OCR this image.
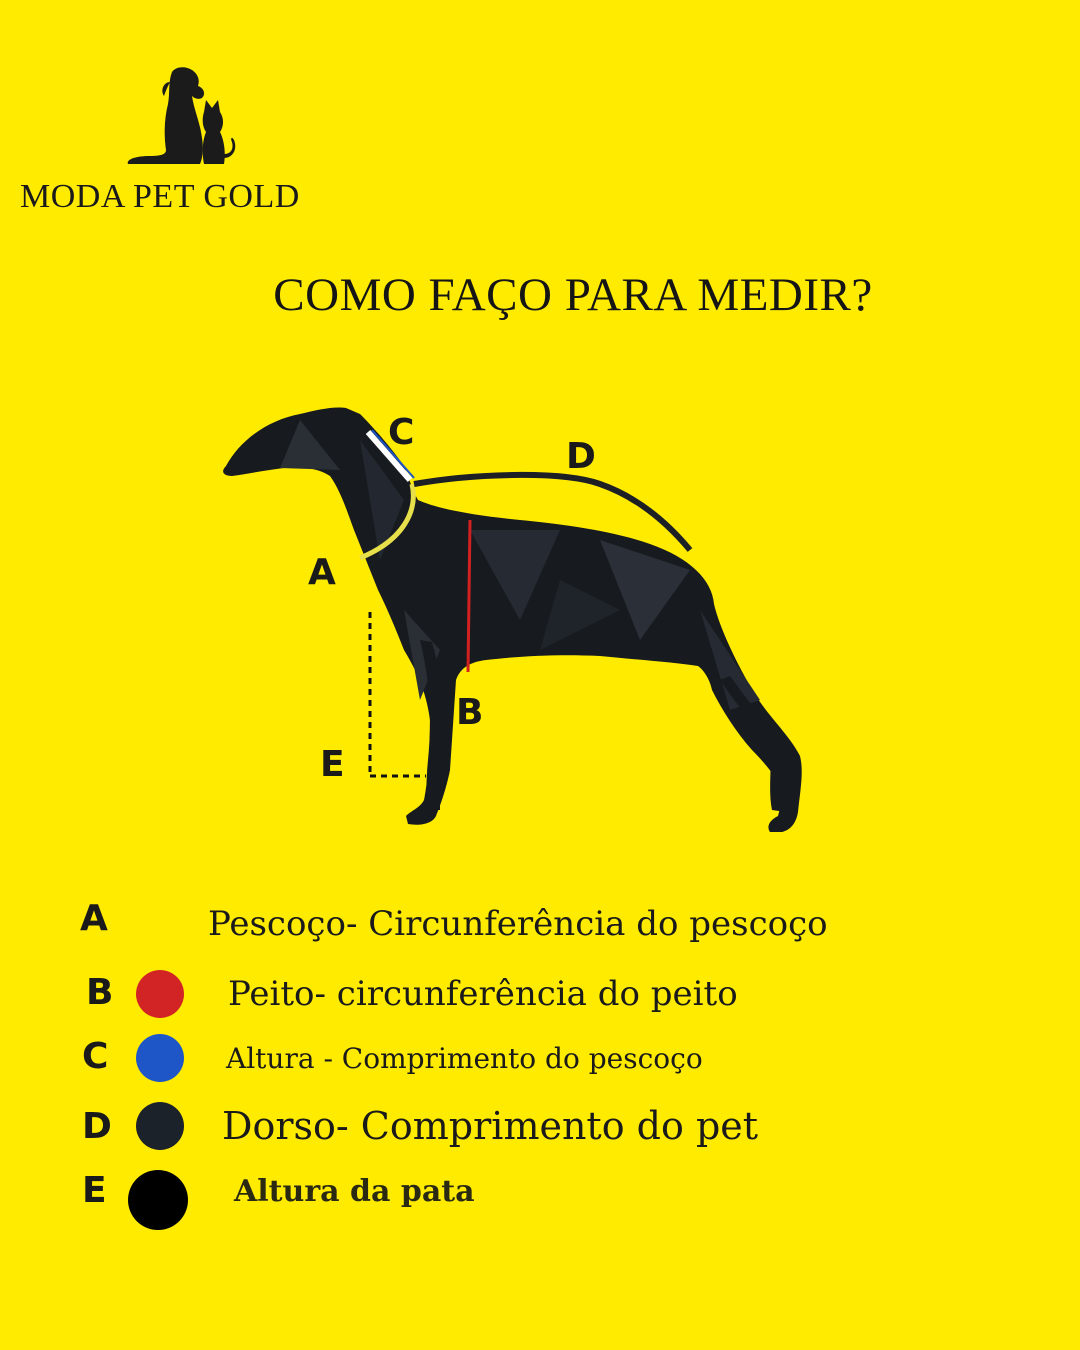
MODA PET GOLD
COMO FAÇO PARA MEDIR?
C
D
A
B
E
A	Pescoço- Circunferência do pescoço
B	Peito- circunferência do peito
C	Altura - Comprimento do pescoço
D	Dorso- Comprimento do pet
E	Altura da pata
